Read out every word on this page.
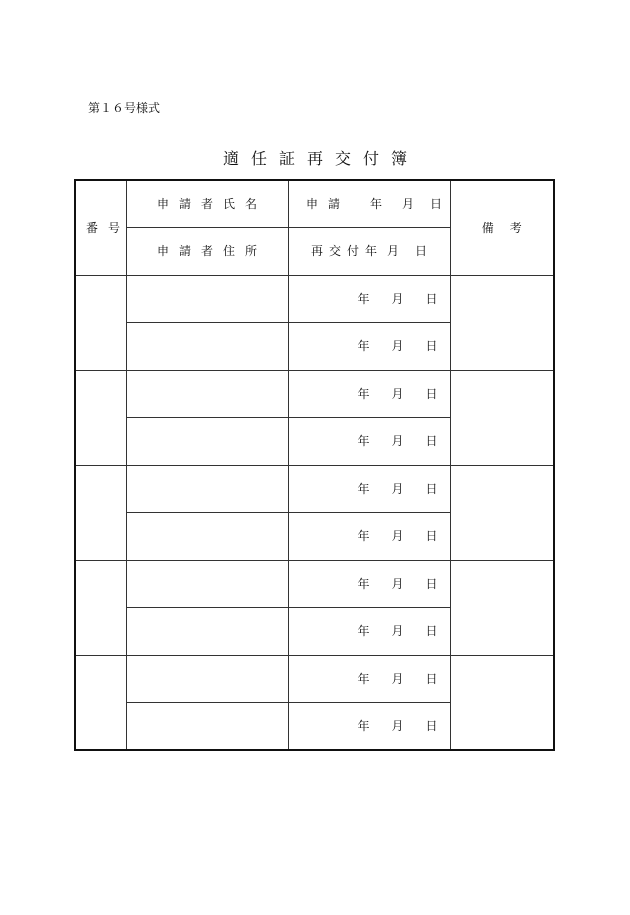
第１６号様式
適任証再交付簿
番号	申請者氏名	申請 年 月 日	備考
	申請者住所	再交付年 月 日	
		年 月 日	
		年 月 日	
		年 月 日	
		年 月 日	
		年 月 日	
		年 月 日	
		年 月 日	
		年 月 日	
		年 月 日	
		年 月 日	
